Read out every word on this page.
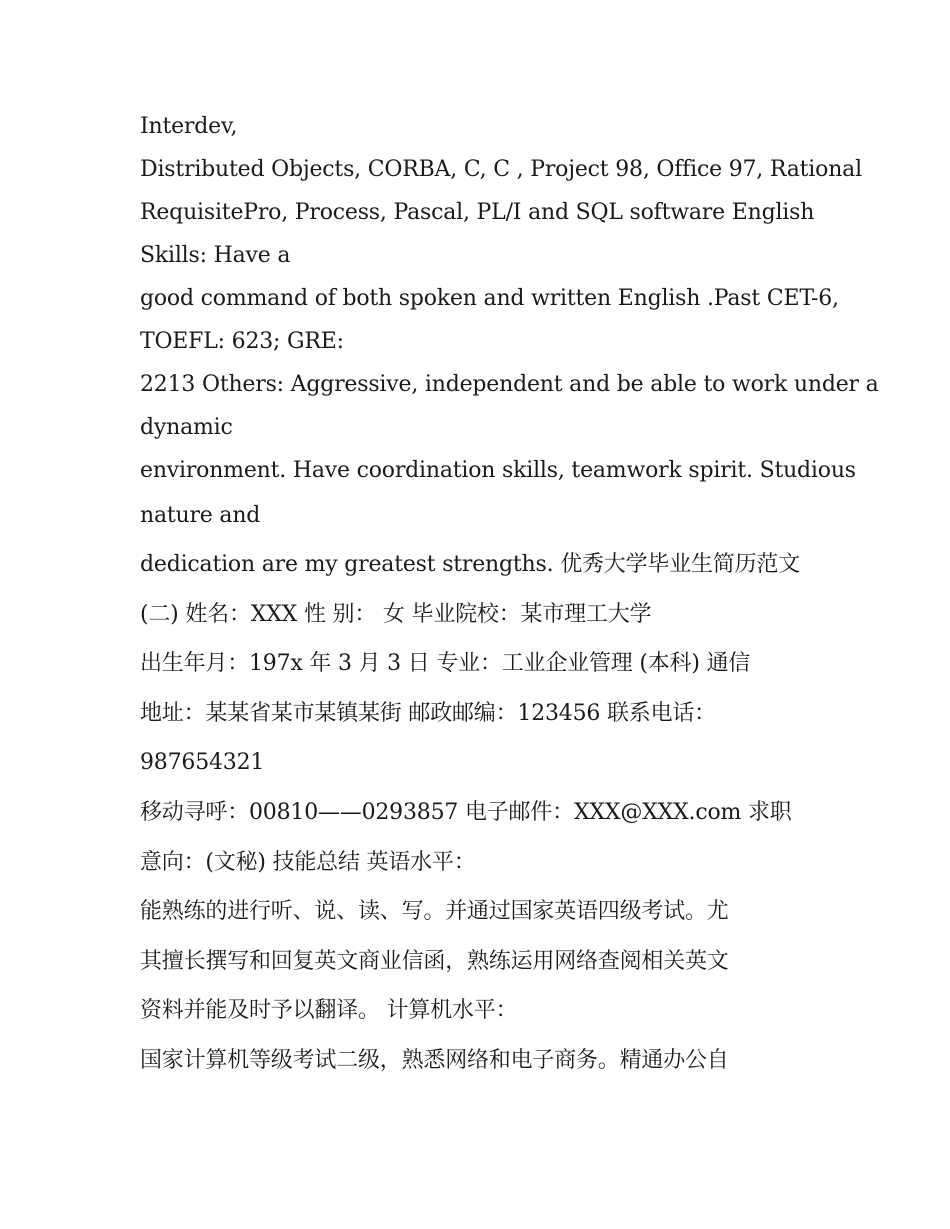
Interdev,

Distributed Objects, CORBA, C, C , Project 98, Office 97, Rational

RequisitePro, Process, Pascal, PL/I and SQL software English

Skills: Have a

good command of both spoken and written English .Past CET-6,

TOEFL: 623; GRE:

2213 Others: Aggressive, independent and be able to work under a

dynamic

environment. Have coordination skills, teamwork spirit. Studious

nature and

dedication are my greatest strengths. 优秀大学毕业生简历范文

(二) 姓名：XXX 性 别： 女 毕业院校：某市理工大学

出生年月：197x 年 3 月 3 日 专业：工业企业管理 (本科) 通信

地址：某某省某市某镇某街 邮政邮编：123456 联系电话：

987654321

移动寻呼：00810——0293857 电子邮件：XXX@XXX.com 求职

意向：(文秘) 技能总结 英语水平：

能熟练的进行听、说、读、写。并通过国家英语四级考试。尤

其擅长撰写和回复英文商业信函，熟练运用网络查阅相关英文

资料并能及时予以翻译。 计算机水平：

国家计算机等级考试二级，熟悉网络和电子商务。精通办公自
